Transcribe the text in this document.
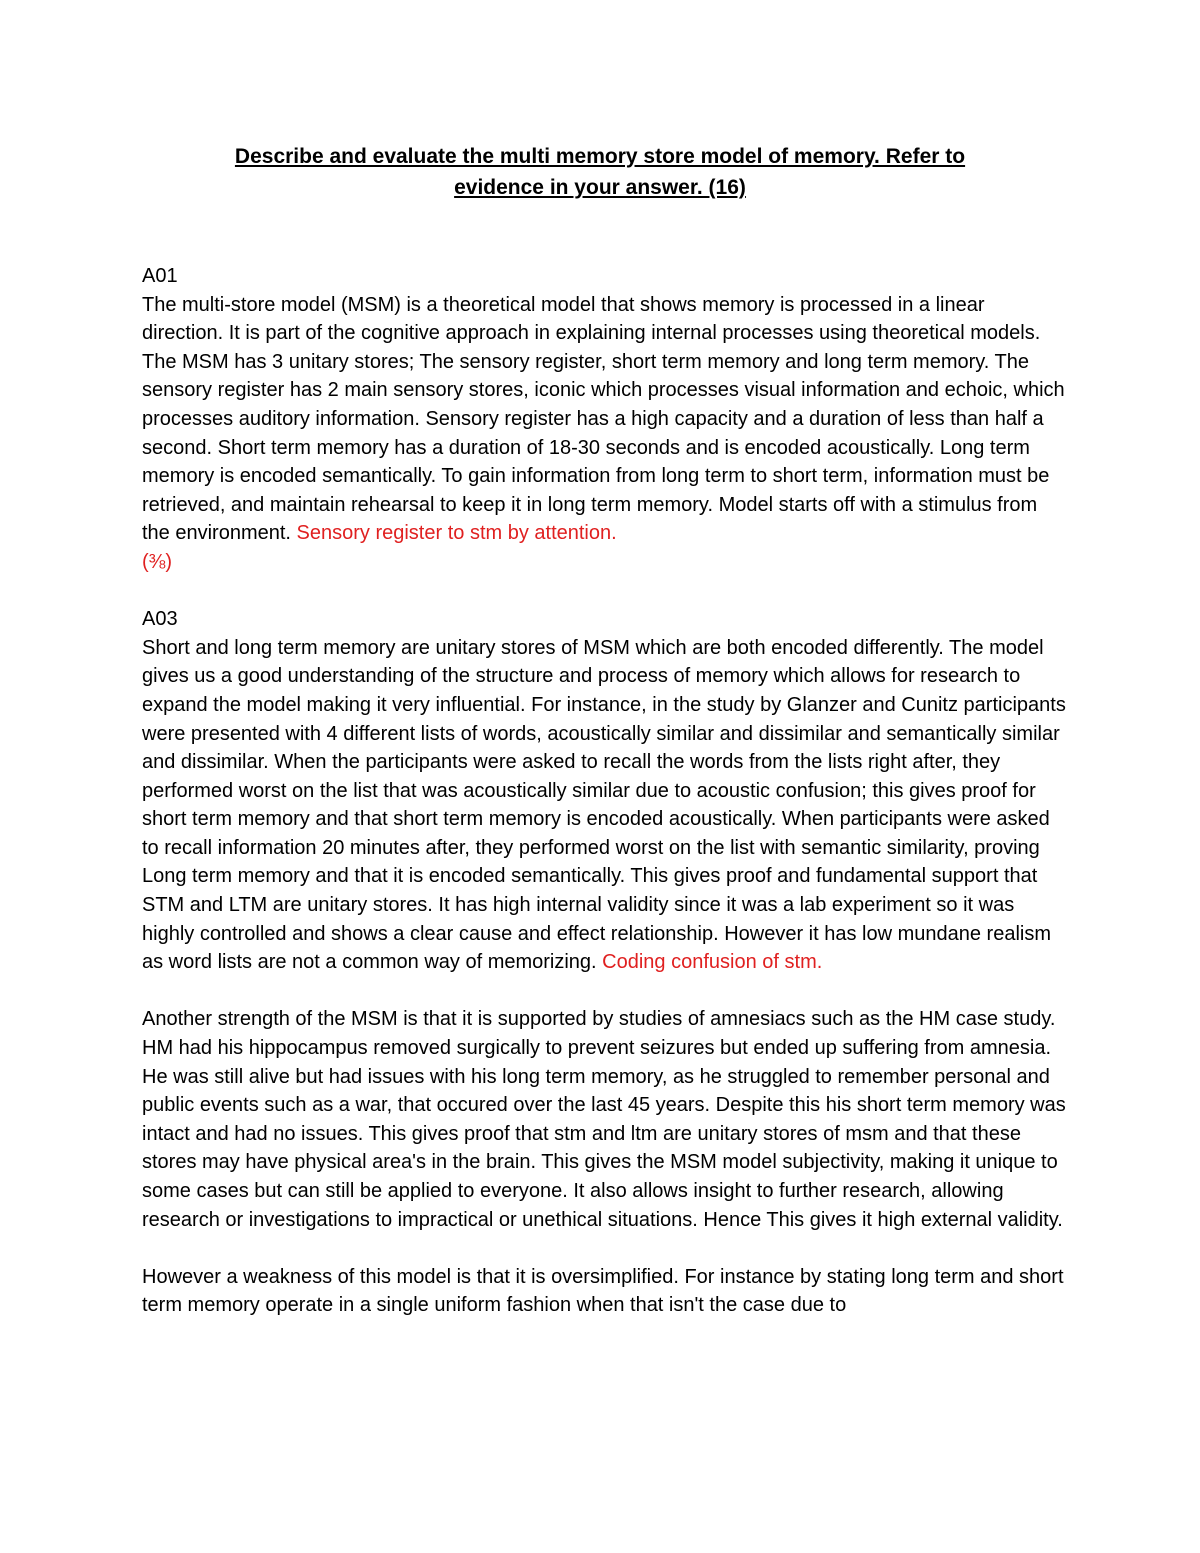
Describe and evaluate the multi memory store model of memory. Refer to
evidence in your answer. (16)

A01

The multi-store model (MSM) is a theoretical model that shows memory is processed in a linear direction. It is part of the cognitive approach in explaining internal processes using theoretical models. The MSM has 3 unitary stores; The sensory register, short term memory and long term memory. The sensory register has 2 main sensory stores, iconic which processes visual information and echoic, which processes auditory information. Sensory register has a high capacity and a duration of less than half a second. Short term memory has a duration of 18-30 seconds and is encoded acoustically. Long term memory is encoded semantically. To gain information from long term to short term, information must be retrieved, and maintain rehearsal to keep it in long term memory. Model starts off with a stimulus from the environment. Sensory register to stm by attention.

(⅜)

A03

Short and long term memory are unitary stores of MSM which are both encoded differently. The model gives us a good understanding of the structure and process of memory which allows for research to expand the model making it very influential. For instance, in the study by Glanzer and Cunitz participants were presented with 4 different lists of words, acoustically similar and dissimilar and semantically similar and dissimilar. When the participants were asked to recall the words from the lists right after, they performed worst on the list that was acoustically similar due to acoustic confusion; this gives proof for short term memory and that short term memory is encoded acoustically. When participants were asked to recall information 20 minutes after, they performed worst on the list with semantic similarity, proving Long term memory and that it is encoded semantically. This gives proof and fundamental support that STM and LTM are unitary stores. It has high internal validity since it was a lab experiment so it was highly controlled and shows a clear cause and effect relationship. However it has low mundane realism as word lists are not a common way of memorizing. Coding confusion of stm.

Another strength of the MSM is that it is supported by studies of amnesiacs such as the HM case study. HM had his hippocampus removed surgically to prevent seizures but ended up suffering from amnesia. He was still alive but had issues with his long term memory, as he struggled to remember personal and public events such as a war, that occured over the last 45 years. Despite this his short term memory was intact and had no issues. This gives proof that stm and ltm are unitary stores of msm and that these stores may have physical area's in the brain. This gives the MSM model subjectivity, making it unique to some cases but can still be applied to everyone. It also allows insight to further research, allowing research or investigations to impractical or unethical situations. Hence This gives it high external validity.

However a weakness of this model is that it is oversimplified. For instance by stating long term and short term memory operate in a single uniform fashion when that isn't the case due to
